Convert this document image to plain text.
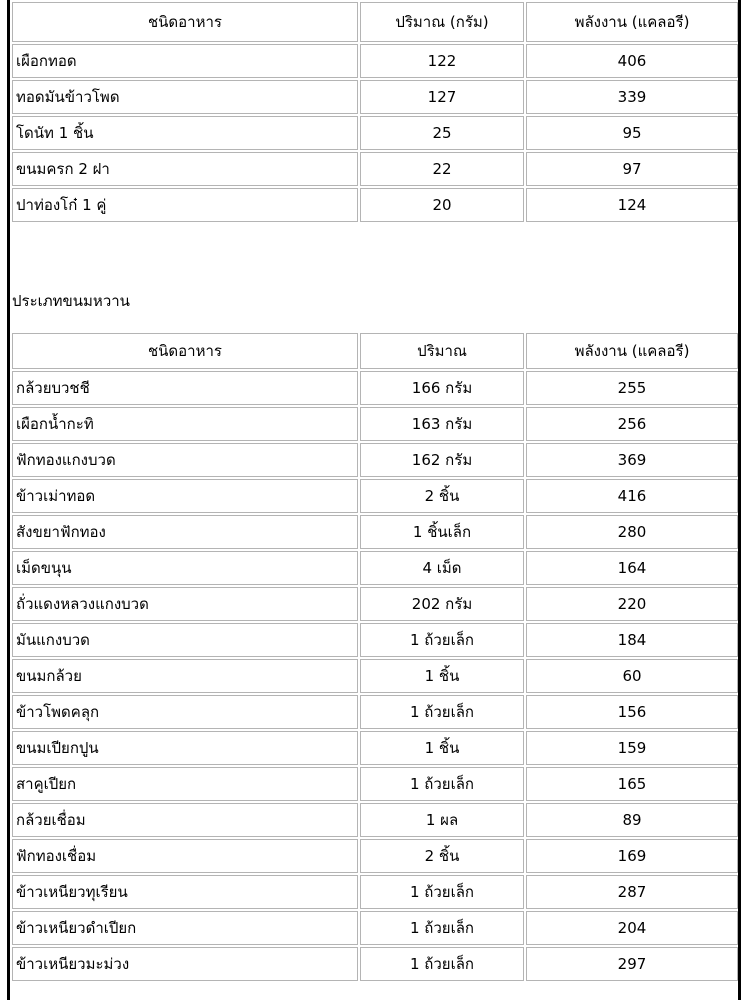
ชนิดอาหาร	ปริมาณ (กรัม)	พลังงาน (แคลอรี)
เผือกทอด	122	406
ทอดมันข้าวโพด	127	339
โดนัท 1 ชิ้น	25	95
ขนมครก 2 ฝา	22	97
ปาท่องโก๋ 1 คู่	20	124
ประเภทขนมหวาน
ชนิดอาหาร	ปริมาณ	พลังงาน (แคลอรี)
กล้วยบวชชี	166 กรัม	255
เผือกน้ำกะทิ	163 กรัม	256
ฟักทองแกงบวด	162 กรัม	369
ข้าวเม่าทอด	2 ชิ้น	416
สังขยาฟักทอง	1 ชิ้นเล็ก	280
เม็ดขนุน	4 เม็ด	164
ถั่วแดงหลวงแกงบวด	202 กรัม	220
มันแกงบวด	1 ถ้วยเล็ก	184
ขนมกล้วย	1 ชิ้น	60
ข้าวโพดคลุก	1 ถ้วยเล็ก	156
ขนมเปียกปูน	1 ชิ้น	159
สาคูเปียก	1 ถ้วยเล็ก	165
กล้วยเชื่อม	1 ผล	89
ฟักทองเชื่อม	2 ชิ้น	169
ข้าวเหนียวทุเรียน	1 ถ้วยเล็ก	287
ข้าวเหนียวดำเปียก	1 ถ้วยเล็ก	204
ข้าวเหนียวมะม่วง	1 ถ้วยเล็ก	297
